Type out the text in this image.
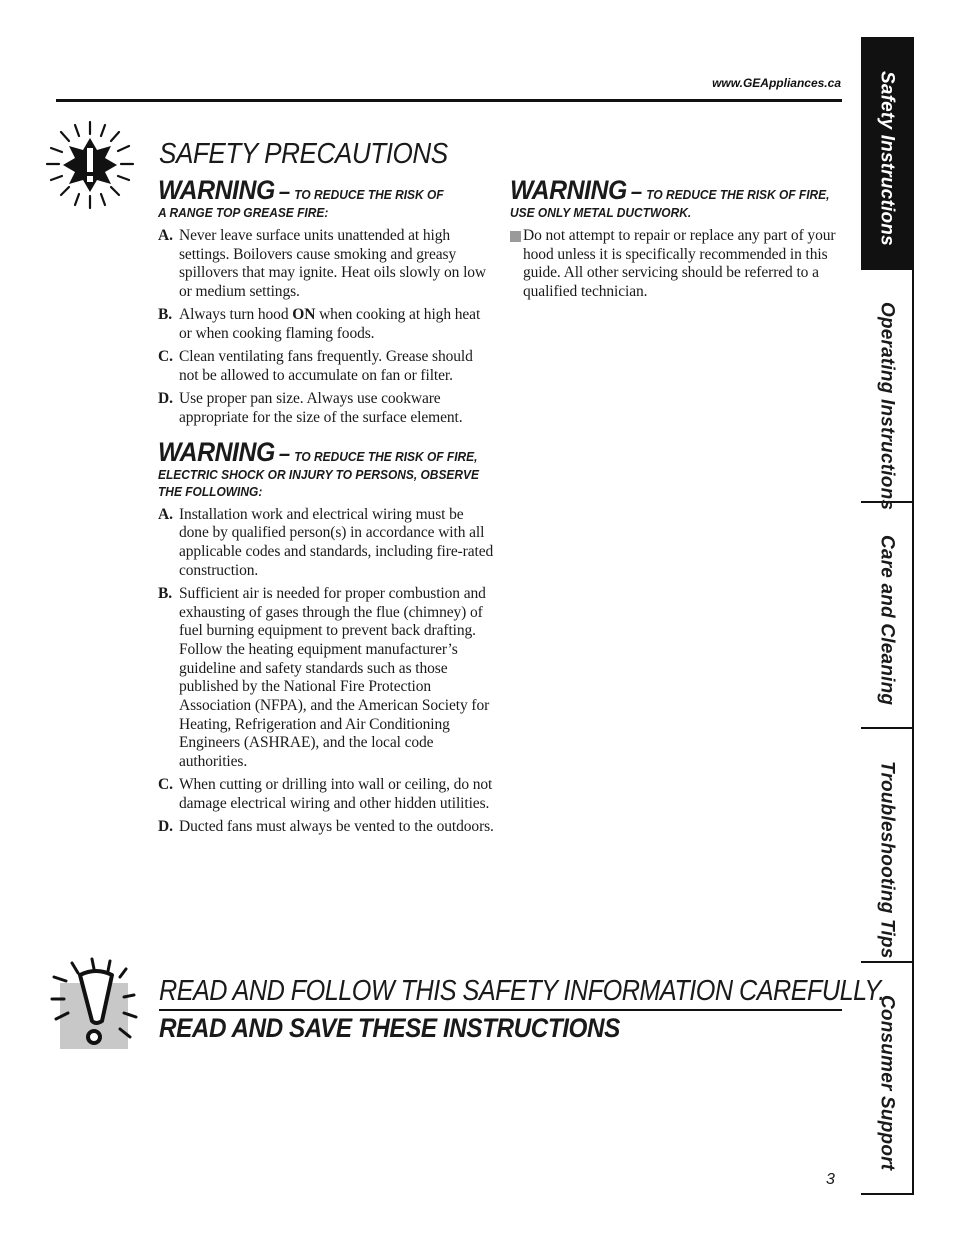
www.GEAppliances.ca Safety Instructions
Operating Instructions
Care and Cleaning
Troubleshooting Tips
Consumer Support
SAFETY PRECAUTIONS

WARNING – TO REDUCE THE RISK OF
A RANGE TOP GREASE FIRE:

A. Never leave surface units unattended at high settings. Boilovers cause smoking and greasy spillovers that may ignite. Heat oils slowly on low or medium settings.
B. Always turn hood ON when cooking at high heat or when cooking flaming foods.
C. Clean ventilating fans frequently. Grease should not be allowed to accumulate on fan or filter.
D. Use proper pan size. Always use cookware appropriate for the size of the surface element.

WARNING – TO REDUCE THE RISK OF FIRE,
ELECTRIC SHOCK OR INJURY TO PERSONS, OBSERVE
THE FOLLOWING:

A. Installation work and electrical wiring must be done by qualified person(s) in accordance with all applicable codes and standards, including fire-rated construction.
B. Sufficient air is needed for proper combustion and exhausting of gases through the flue (chimney) of fuel burning equipment to prevent back drafting. Follow the heating equipment manufacturer’s guideline and safety standards such as those published by the National Fire Protection Association (NFPA), and the American Society for Heating, Refrigeration and Air Conditioning Engineers (ASHRAE), and the local code authorities.
C. When cutting or drilling into wall or ceiling, do not damage electrical wiring and other hidden utilities.
D. Ducted fans must always be vented to the outdoors.

WARNING – TO REDUCE THE RISK OF FIRE,
USE ONLY METAL DUCTWORK.

Do not attempt to repair or replace any part of your hood unless it is specifically recommended in this guide. All other servicing should be referred to a qualified technician.

READ AND FOLLOW THIS SAFETY INFORMATION CAREFULLY.
READ AND SAVE THESE INSTRUCTIONS
3
